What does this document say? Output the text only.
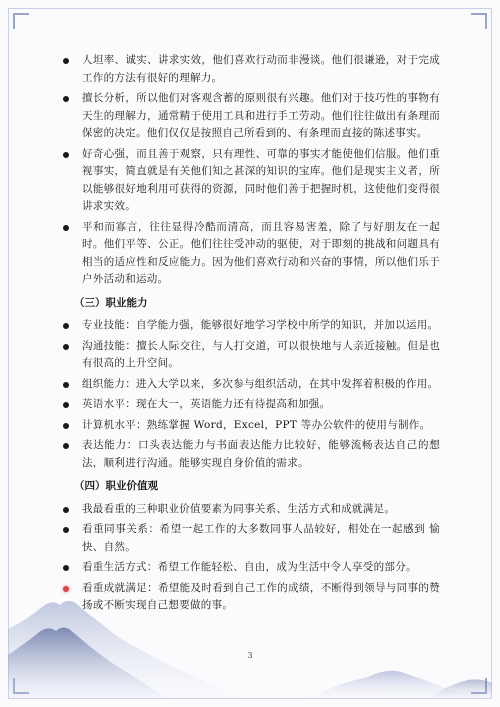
人坦率、诚实、讲求实效，他们喜欢行动而非漫谈。他们很谦逊，对于完成工作的方法有很好的理解力。

擅长分析，所以他们对客观含蓄的原则很有兴趣。他们对于技巧性的事物有天生的理解力，通常精于使用工具和进行手工劳动。他们往往做出有条理而保密的决定。他们仅仅是按照自己所看到的、有条理而直接的陈述事实。

好奇心强，而且善于观察，只有理性、可靠的事实才能使他们信服。他们重视事实，简直就是有关他们知之甚深的知识的宝库。他们是现实主义者，所以能够很好地利用可获得的资源，同时他们善于把握时机，这使他们变得很讲求实效。

平和而寡言，往往显得冷酷而清高，而且容易害羞，除了与好朋友在一起时。他们平等、公正。他们往往受冲动的驱使，对于即刻的挑战和问题具有相当的适应性和反应能力。因为他们喜欢行动和兴奋的事情，所以他们乐于户外活动和运动。

（三）职业能力

专业技能：自学能力强，能够很好地学习学校中所学的知识，并加以运用。

沟通技能：擅长人际交往，与人打交道，可以很快地与人亲近接触。但是也有很高的上升空间。

组织能力：进入大学以来，多次参与组织活动，在其中发挥着积极的作用。

英语水平：现在大一，英语能力还有待提高和加强。

计算机水平：熟练掌握 Word，Excel，PPT 等办公软件的使用与制作。

表达能力：口头表达能力与书面表达能力比较好，能够流畅表达自己的想法，顺利进行沟通。能够实现自身价值的需求。

（四）职业价值观

我最看重的三种职业价值要素为同事关系、生活方式和成就满足。

看重同事关系：希望一起工作的大多数同事人品较好，相处在一起感到 愉快、自然。

看重生活方式：希望工作能轻松、自由，成为生活中令人享受的部分。

看重成就满足：希望能及时看到自己工作的成绩，不断得到领导与同事的赞扬或不断实现自己想要做的事。

3
